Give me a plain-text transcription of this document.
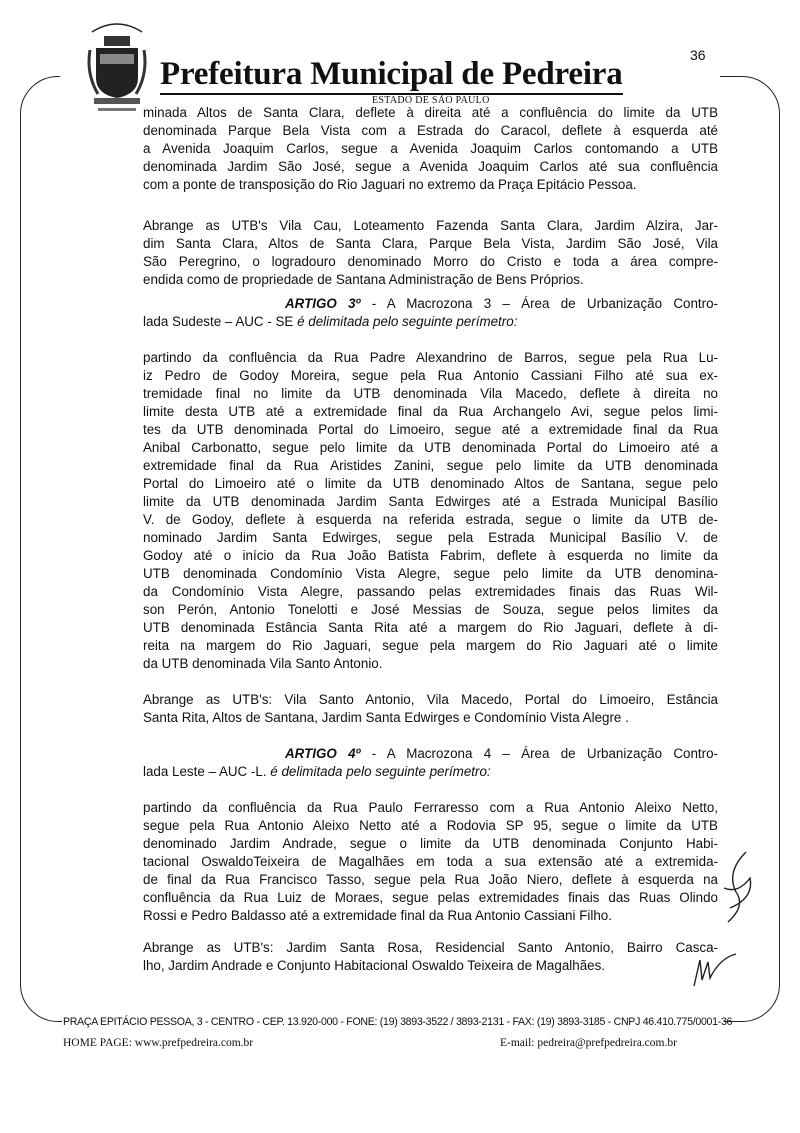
Prefeitura Municipal de Pedreira
36
ESTADO DE SÃO PAULO
minada Altos de Santa Clara, deflete à direita até a confluência do limite da UTB
denominada Parque Bela Vista com a Estrada do Caracol, deflete à esquerda até
a Avenida Joaquim Carlos, segue a Avenida Joaquim Carlos contomando a UTB
denominada Jardim São José, segue a Avenida Joaquim Carlos até sua confluência
com a ponte de transposição do Rio Jaguari no extremo da Praça Epitácio Pessoa.
Abrange as UTB's Vila Cau, Loteamento Fazenda Santa Clara, Jardim Alzira, Jar-
dim Santa Clara, Altos de Santa Clara, Parque Bela Vista, Jardim São José, Vila
São Peregrino, o logradouro denominado Morro do Cristo e toda a área compre-
endida como de propriedade de Santana Administração de Bens Próprios.
ARTIGO 3º - A Macrozona 3 – Área de Urbanização Contro-
lada Sudeste – AUC - SE é delimitada pelo seguinte perímetro:
partindo da confluência da Rua Padre Alexandrino de Barros, segue pela Rua Lu-
iz Pedro de Godoy Moreira, segue pela Rua Antonio Cassiani Filho até sua ex-
tremidade final no limite da UTB denominada Vila Macedo, deflete à direita no
limite desta UTB até a extremidade final da Rua Archangelo Avi, segue pelos limi-
tes da UTB denominada Portal do Limoeiro, segue até a extremidade final da Rua
Anibal Carbonatto, segue pelo limite da UTB denominada Portal do Limoeiro até a
extremidade final da Rua Aristides Zanini, segue pelo limite da UTB denominada
Portal do Limoeiro até o limite da UTB denominado Altos de Santana, segue pelo
limite da UTB denominada Jardim Santa Edwirges até a Estrada Municipal Basílio
V. de Godoy, deflete à esquerda na referida estrada, segue o limite da UTB de-
nominado Jardim Santa Edwirges, segue pela Estrada Municipal Basílio V. de
Godoy até o início da Rua João Batista Fabrim, deflete à esquerda no limite da
UTB denominada Condomínio Vista Alegre, segue pelo limite da UTB denomina-
da Condomínio Vista Alegre, passando pelas extremidades finais das Ruas Wil-
son Perón, Antonio Tonelotti e José Messias de Souza, segue pelos limites da
UTB denominada Estância Santa Rita até a margem do Rio Jaguari, deflete à di-
reita na margem do Rio Jaguari, segue pela margem do Rio Jaguari até o limite
da UTB denominada Vila Santo Antonio.
Abrange as UTB's: Vila Santo Antonio, Vila Macedo, Portal do Limoeiro, Estância
Santa Rita, Altos de Santana, Jardim Santa Edwirges e Condomínio Vista Alegre .
ARTIGO 4º - A Macrozona 4 – Área de Urbanização Contro-
lada Leste – AUC -L. é delimitada pelo seguinte perímetro:
partindo da confluência da Rua Paulo Ferraresso com a Rua Antonio Aleixo Netto,
segue pela Rua Antonio Aleixo Netto até a Rodovia SP 95, segue o limite da UTB
denominado Jardim Andrade, segue o limite da UTB denominada Conjunto Habi-
tacional OswaldoTeixeira de Magalhães em toda a sua extensão até a extremida-
de final da Rua Francisco Tasso, segue pela Rua João Niero, deflete à esquerda na
confluência da Rua Luiz de Moraes, segue pelas extremidades finais das Ruas Olindo
Rossi e Pedro Baldasso até a extremidade final da Rua Antonio Cassiani Filho.
Abrange as UTB's: Jardim Santa Rosa, Residencial Santo Antonio, Bairro Casca-
lho, Jardim Andrade e Conjunto Habitacional Oswaldo Teixeira de Magalhães.
PRAÇA EPITÁCIO PESSOA, 3 - CENTRO - CEP. 13.920-000 - FONE: (19) 3893-3522 / 3893-2131 - FAX: (19) 3893-3185 - CNPJ 46.410.775/0001-36
HOME PAGE: www.prefpedreira.com.br	E-mail: pedreira@prefpedreira.com.br
